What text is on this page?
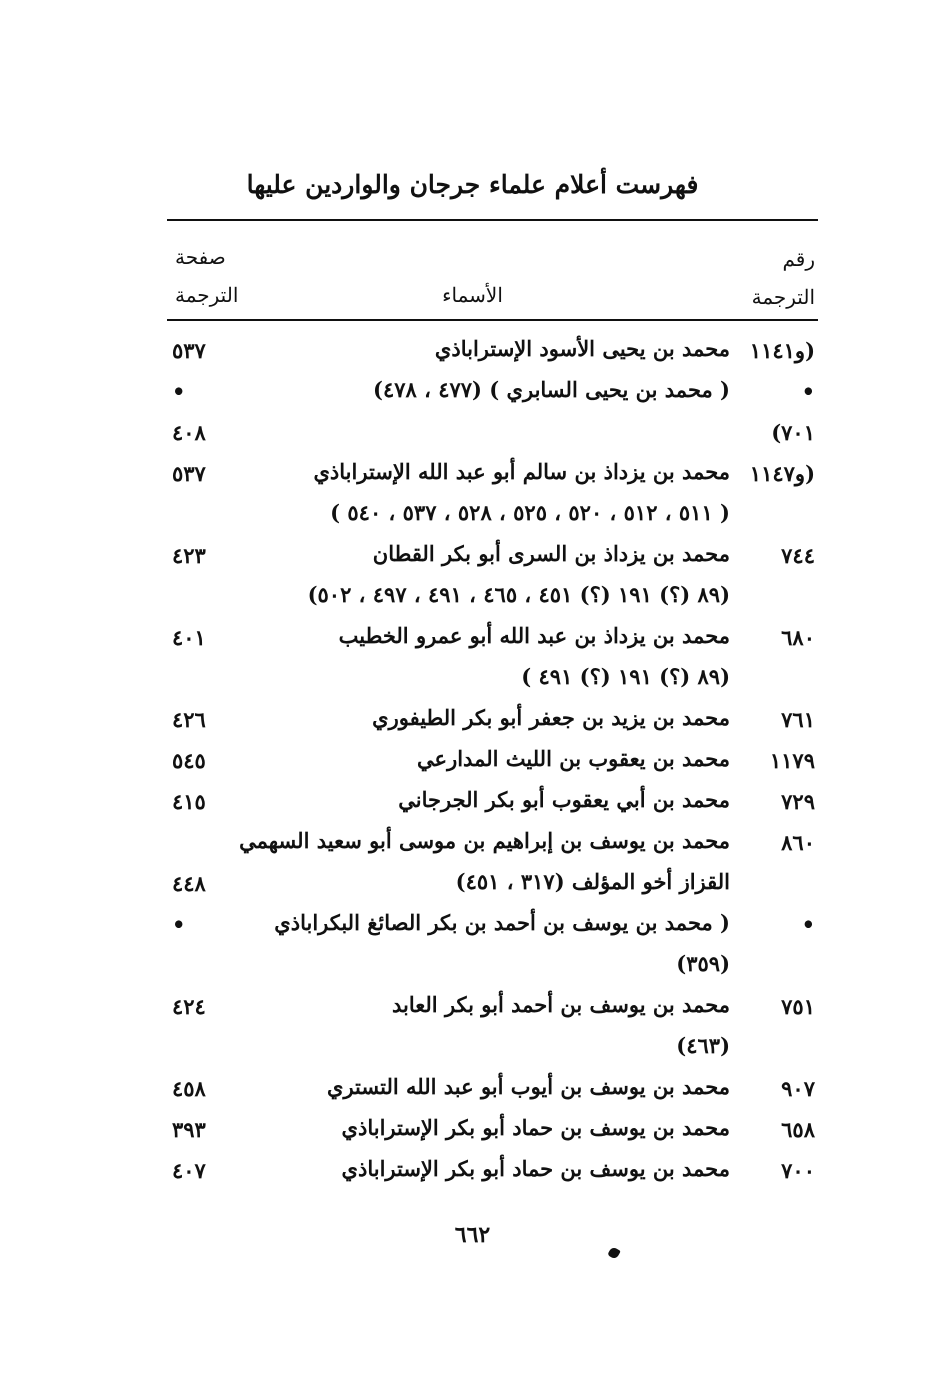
فهرست أعلام علماء جرجان والواردين عليها
رقم
الترجمة
الأسماء
صفحة
الترجمة
(و١١٤١
محمد بن يحيى الأسود الإستراباذي
٥٣٧
•
( محمد بن يحيى السابري ) (٤٧٧ ، ٤٧٨)
•
٧٠١)
٤٠٨
(و١١٤٧
محمد بن يزداذ بن سالم أبو عبد الله الإستراباذي
٥٣٧
( ٥١١ ، ٥١٢ ، ٥٢٠ ، ٥٢٥ ، ٥٢٨ ، ٥٣٧ ، ٥٤٠ )
٧٤٤
محمد بن يزداذ بن السرى أبو بكر القطان
٤٢٣
(٨٩ (؟) ١٩١ (؟) ٤٥١ ، ٤٦٥ ، ٤٩١ ، ٤٩٧ ، ٥٠٢)
٦٨٠
محمد بن يزداذ بن عبد الله أبو عمرو الخطيب
٤٠١
(٨٩ (؟) ١٩١ (؟) ٤٩١ )
٧٦١
محمد بن يزيد بن جعفر أبو بكر الطيفوري
٤٢٦
١١٧٩
محمد بن يعقوب بن الليث المدارعي
٥٤٥
٧٢٩
محمد بن أبي يعقوب أبو بكر الجرجاني
٤١٥
٨٦٠
محمد بن يوسف بن إبراهيم بن موسى أبو سعيد السهمي
القزاز أخو المؤلف (٣١٧ ، ٤٥١)
٤٤٨
•
( محمد بن يوسف بن أحمد بن بكر الصائغ البكراباذي
•
(٣٥٩)
٧٥١
محمد بن يوسف بن أحمد أبو بكر العابد
٤٢٤
(٤٦٣)
٩٠٧
محمد بن يوسف بن أيوب أبو عبد الله التستري
٤٥٨
٦٥٨
محمد بن يوسف بن حماد أبو بكر الإستراباذي
٣٩٣
٧٠٠
محمد بن يوسف بن حماد أبو بكر الإستراباذي
٤٠٧
٦٦٢
